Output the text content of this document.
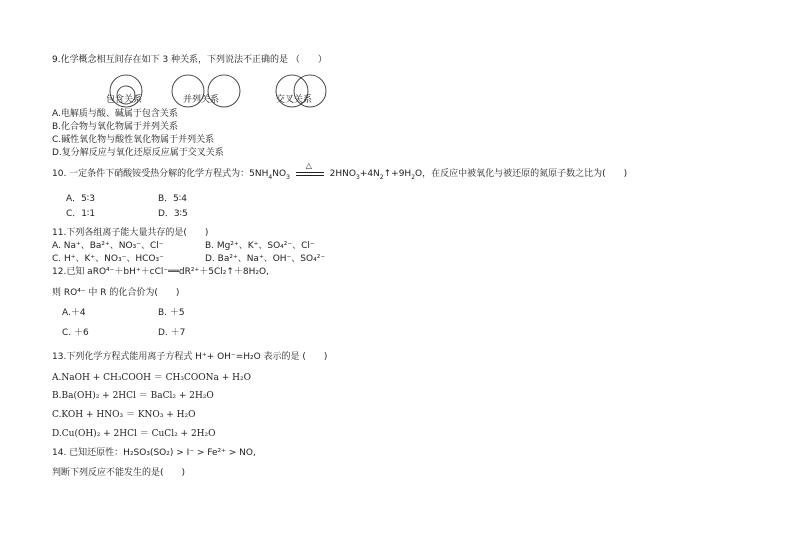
9.化学概念相互间存在如下 3 种关系，下列说法不正确的是 （　　）
包含关系	并列关系	交叉关系
A.电解质与酸、碱属于包含关系
B.化合物与氧化物属于并列关系
C.碱性氧化物与酸性氧化物属于并列关系
D.复分解反应与氧化还原反应属于交叉关系
10. 一定条件下硝酸铵受热分解的化学方程式为：$5NH_4NO_3$
△
$2HNO_3+4N_2↑+9H_2O$，在反应中被氧化与被还原的氮原子数之比为(　　)
A．5∶3	B．5∶4
C．1∶1	D．3∶5
11.下列各组离子能大量共存的是(　　)
A. Na⁺、Ba²⁺、NO₃⁻、Cl⁻	B. Mg²⁺、K⁺、SO₄²⁻、Cl⁻
C. H⁺、K⁺、NO₃⁻、HCO₃⁻	D. Ba²⁺、Na⁺、OH⁻、SO₄²⁻
12.已知 aRO⁴⁻＋bH⁺＋cCl⁻══dR²⁺＋5Cl₂↑＋8H₂O,
则 RO⁴⁻ 中 R 的化合价为(　　)
A.＋4	B. ＋5
C. ＋6	D. ＋7
13.下列化学方程式能用离子方程式 H⁺+ OH⁻=H₂O 表示的是 (　　)
A.NaOH + CH₃COOH ＝ CH₃COONa + H₂O
B.Ba(OH)₂ + 2HCl ＝ BaCl₂ + 2H₂O
C.KOH + HNO₃ ＝ KNO₃ + H₂O
D.Cu(OH)₂ + 2HCl ＝ CuCl₂ + 2H₂O
14. 已知还原性：H₂SO₃(SO₂) > I⁻ > Fe²⁺ > NO,
判断下列反应不能发生的是(　　)
